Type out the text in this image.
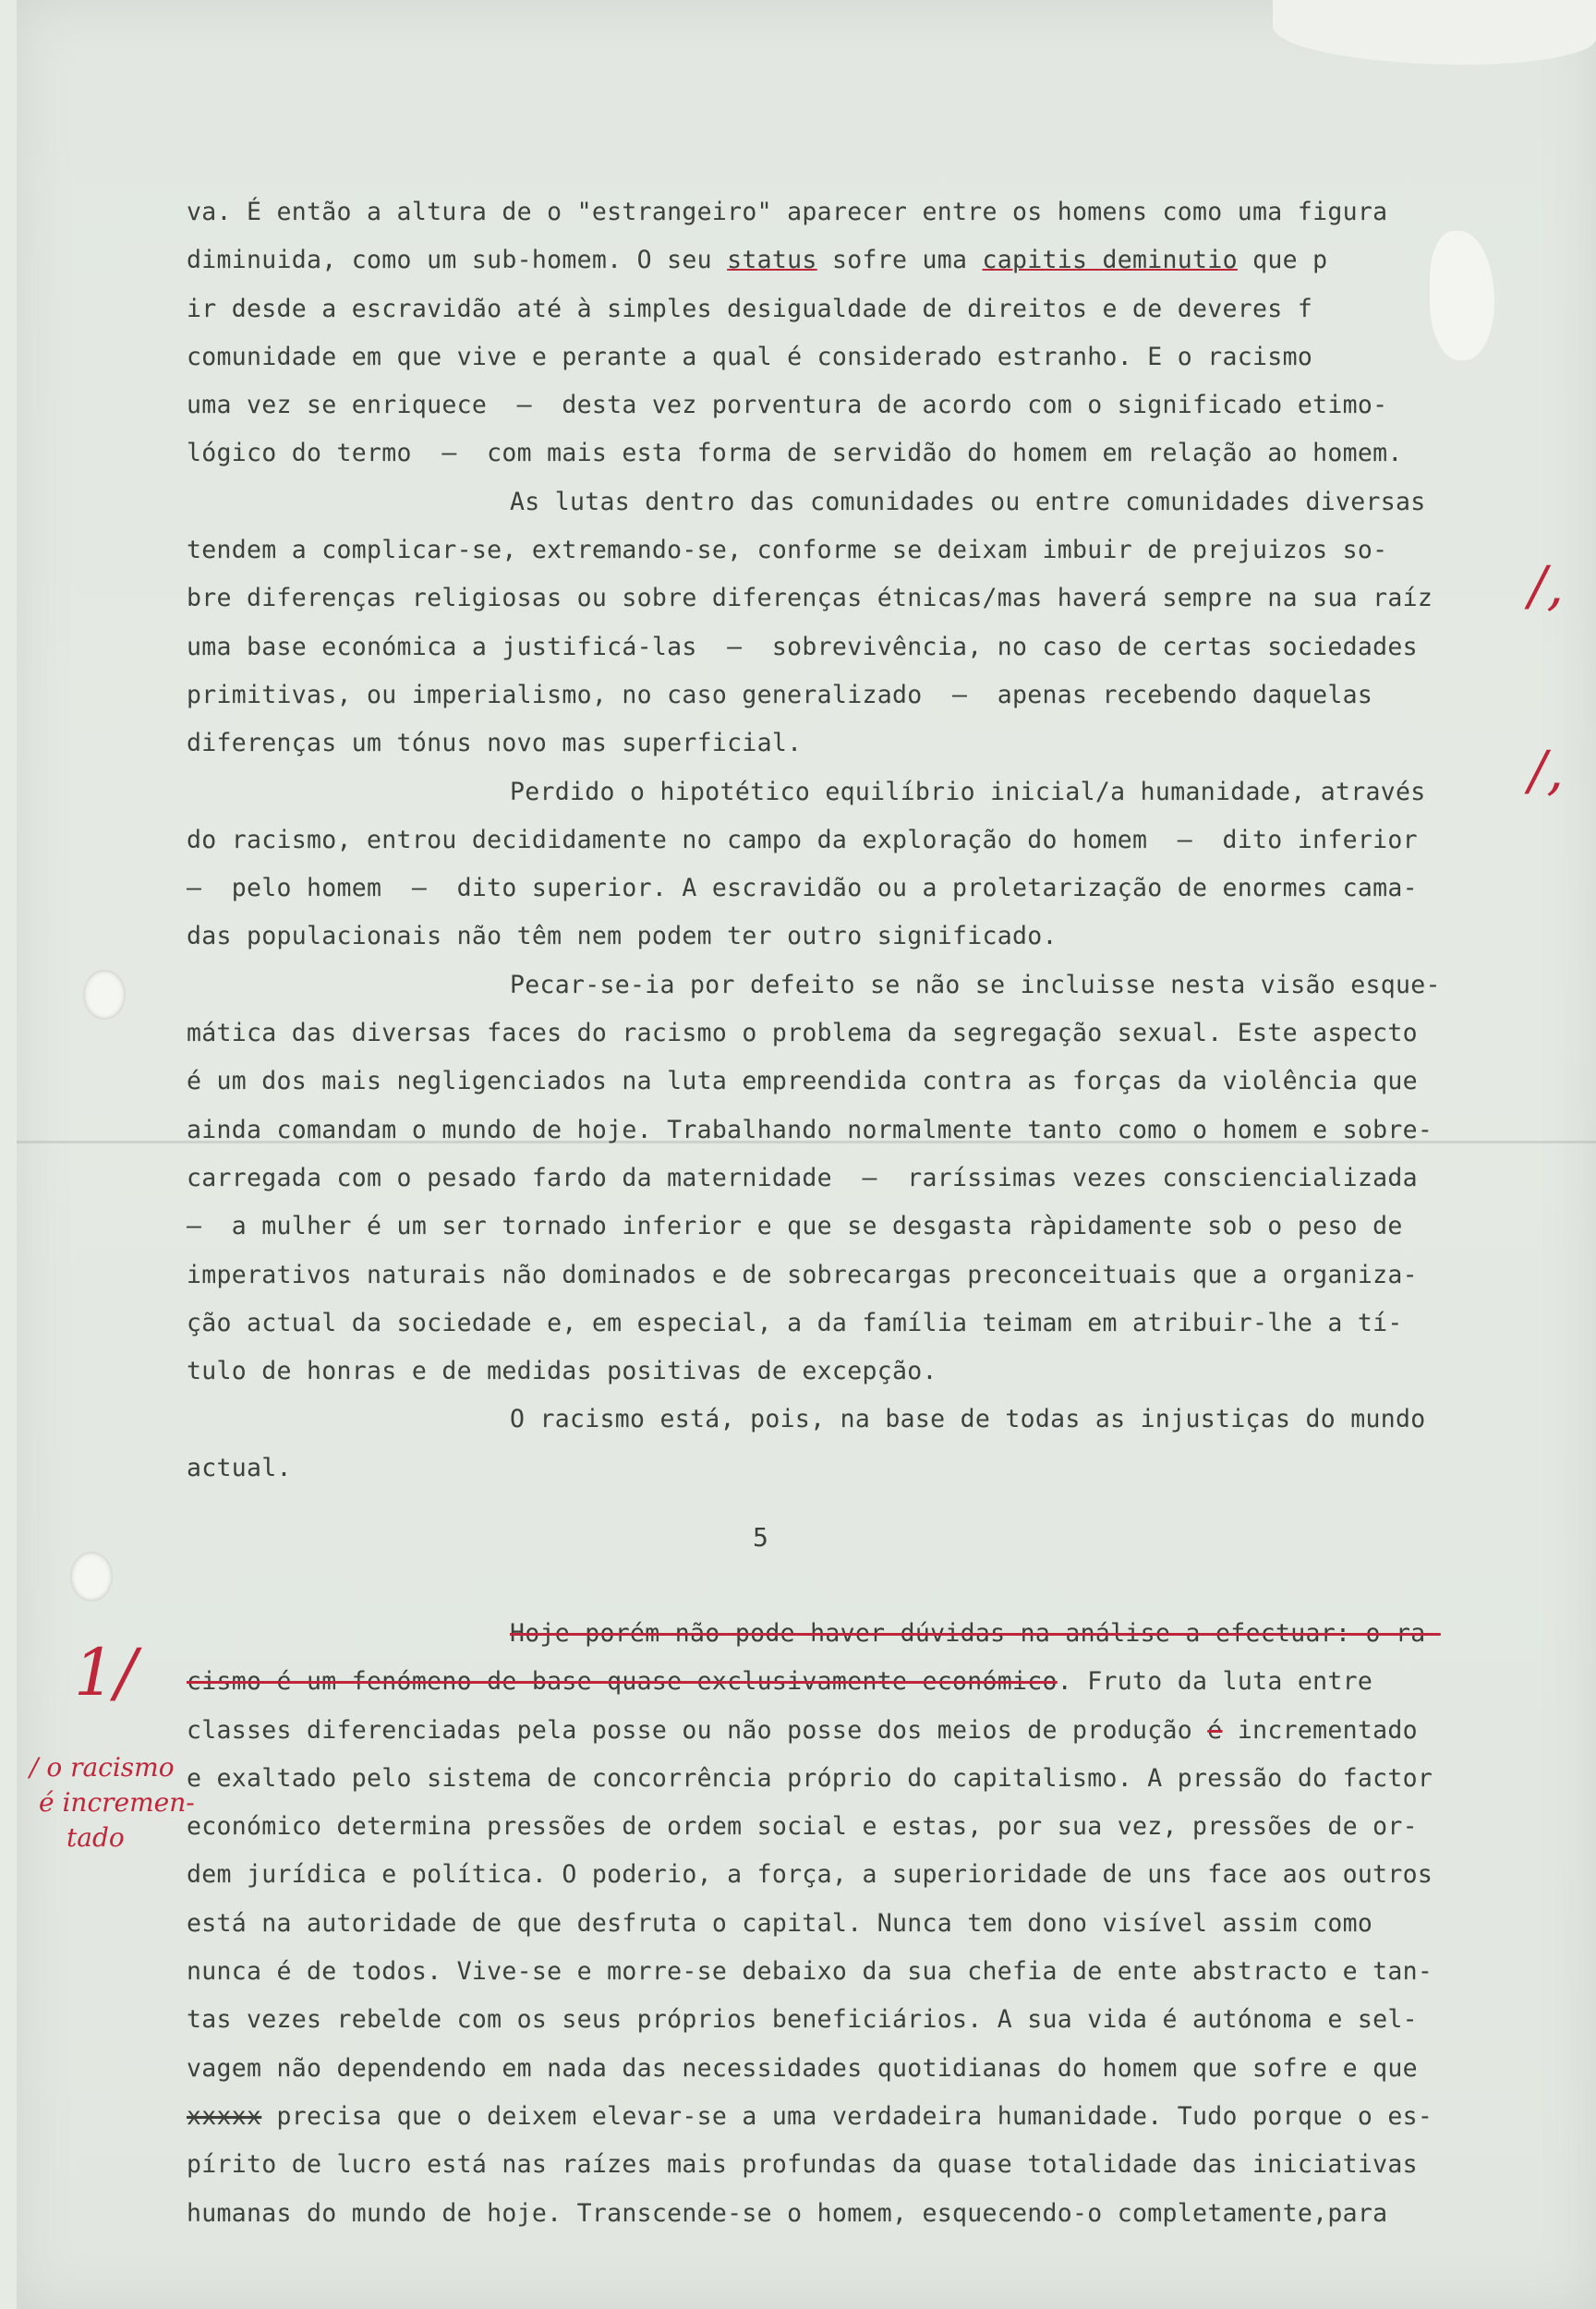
va. É então a altura de o "estrangeiro" aparecer entre os homens como uma figura
diminuida, como um sub-homem. O seu status sofre uma capitis deminutio que p
ir desde a escravidão até à simples desigualdade de direitos e de deveres f
comunidade em que vive e perante a qual é considerado estranho. E o racismo
uma vez se enriquece  –  desta vez porventura de acordo com o significado etimo-
lógico do termo  –  com mais esta forma de servidão do homem em relação ao homem.
As lutas dentro das comunidades ou entre comunidades diversas
tendem a complicar-se, extremando-se, conforme se deixam imbuir de prejuizos so-
bre diferenças religiosas ou sobre diferenças étnicas/mas haverá sempre na sua raíz
uma base económica a justificá-las  –  sobrevivência, no caso de certas sociedades
primitivas, ou imperialismo, no caso generalizado  –  apenas recebendo daquelas
diferenças um tónus novo mas superficial.
Perdido o hipotético equilíbrio inicial/a humanidade, através
do racismo, entrou decididamente no campo da exploração do homem  –  dito inferior
–  pelo homem  –  dito superior. A escravidão ou a proletarização de enormes cama-
das populacionais não têm nem podem ter outro significado.
Pecar-se-ia por defeito se não se incluisse nesta visão esque-
mática das diversas faces do racismo o problema da segregação sexual. Este aspecto
é um dos mais negligenciados na luta empreendida contra as forças da violência que
ainda comandam o mundo de hoje. Trabalhando normalmente tanto como o homem e sobre-
carregada com o pesado fardo da maternidade  –  raríssimas vezes consciencializada
–  a mulher é um ser tornado inferior e que se desgasta ràpidamente sob o peso de
imperativos naturais não dominados e de sobrecargas preconceituais que a organiza-
ção actual da sociedade e, em especial, a da família teimam em atribuir-lhe a tí-
tulo de honras e de medidas positivas de excepção.
O racismo está, pois, na base de todas as injustiças do mundo
actual.
5
Hoje porém não pode haver dúvidas na análise a efectuar: o ra-
cismo é um fenómeno de base quase exclusivamente económico. Fruto da luta entre
classes diferenciadas pela posse ou não posse dos meios de produção é incrementado
e exaltado pelo sistema de concorrência próprio do capitalismo. A pressão do factor
económico determina pressões de ordem social e estas, por sua vez, pressões de or-
dem jurídica e política. O poderio, a força, a superioridade de uns face aos outros
está na autoridade de que desfruta o capital. Nunca tem dono visível assim como
nunca é de todos. Vive-se e morre-se debaixo da sua chefia de ente abstracto e tan-
tas vezes rebelde com os seus próprios beneficiários. A sua vida é autónoma e sel-
vagem não dependendo em nada das necessidades quotidianas do homem que sofre e que
xxxxx precisa que o deixem elevar-se a uma verdadeira humanidade. Tudo porque o es-
pírito de lucro está nas raízes mais profundas da quase totalidade das iniciativas
humanas do mundo de hoje. Transcende-se o homem, esquecendo-o completamente,para
/,
/,
1/
/ o racismo
é incremen-
tado
